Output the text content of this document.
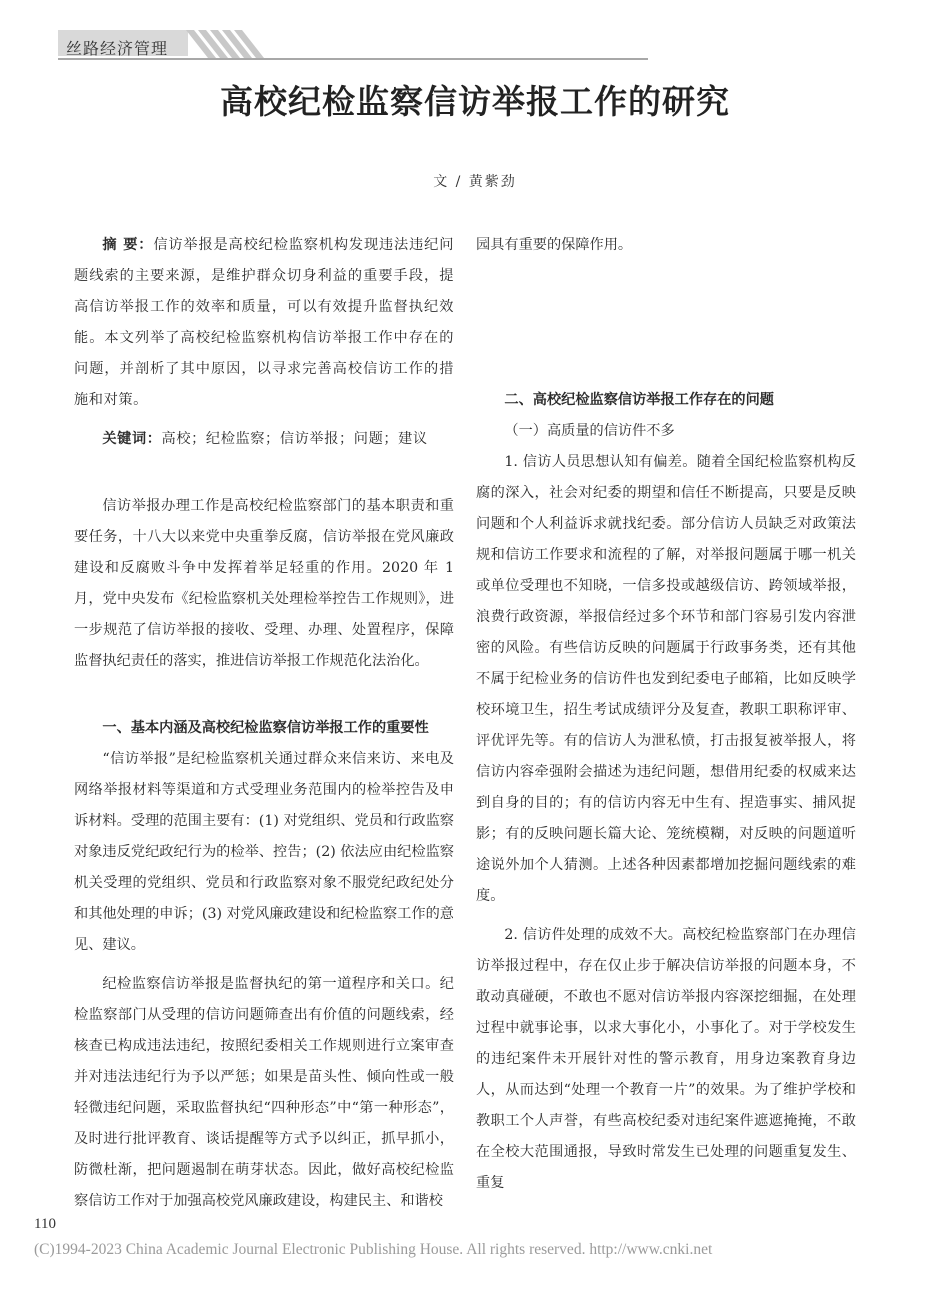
丝路经济管理
高校纪检监察信访举报工作的研究
文 / 黄紫劲

摘 要：信访举报是高校纪检监察机构发现违法违纪问题线索的主要来源，是维护群众切身利益的重要手段，提高信访举报工作的效率和质量，可以有效提升监督执纪效能。本文列举了高校纪检监察机构信访举报工作中存在的问题，并剖析了其中原因，以寻求完善高校信访工作的措施和对策。

关键词：高校；纪检监察；信访举报；问题；建议

信访举报办理工作是高校纪检监察部门的基本职责和重要任务，十八大以来党中央重拳反腐，信访举报在党风廉政建设和反腐败斗争中发挥着举足轻重的作用。2020 年 1 月，党中央发布《纪检监察机关处理检举控告工作规则》，进一步规范了信访举报的接收、受理、办理、处置程序，保障监督执纪责任的落实，推进信访举报工作规范化法治化。

一、基本内涵及高校纪检监察信访举报工作的重要性

“信访举报”是纪检监察机关通过群众来信来访、来电及网络举报材料等渠道和方式受理业务范围内的检举控告及申诉材料。受理的范围主要有：(1) 对党组织、党员和行政监察对象违反党纪政纪行为的检举、控告；(2) 依法应由纪检监察机关受理的党组织、党员和行政监察对象不服党纪政纪处分和其他处理的申诉；(3) 对党风廉政建设和纪检监察工作的意见、建议。

纪检监察信访举报是监督执纪的第一道程序和关口。纪检监察部门从受理的信访问题筛查出有价值的问题线索，经核查已构成违法违纪，按照纪委相关工作规则进行立案审查并对违法违纪行为予以严惩；如果是苗头性、倾向性或一般轻微违纪问题，采取监督执纪“四种形态”中“第一种形态”，及时进行批评教育、谈话提醒等方式予以纠正，抓早抓小，防微杜渐，把问题遏制在萌芽状态。因此，做好高校纪检监察信访工作对于加强高校党风廉政建设，构建民主、和谐校

园具有重要的保障作用。

二、高校纪检监察信访举报工作存在的问题

（一）高质量的信访件不多

1. 信访人员思想认知有偏差。随着全国纪检监察机构反腐的深入，社会对纪委的期望和信任不断提高，只要是反映问题和个人利益诉求就找纪委。部分信访人员缺乏对政策法规和信访工作要求和流程的了解，对举报问题属于哪一机关或单位受理也不知晓，一信多投或越级信访、跨领域举报，浪费行政资源，举报信经过多个环节和部门容易引发内容泄密的风险。有些信访反映的问题属于行政事务类，还有其他不属于纪检业务的信访件也发到纪委电子邮箱，比如反映学校环境卫生，招生考试成绩评分及复查，教职工职称评审、评优评先等。有的信访人为泄私愤，打击报复被举报人，将信访内容牵强附会描述为违纪问题，想借用纪委的权威来达到自身的目的；有的信访内容无中生有、捏造事实、捕风捉影；有的反映问题长篇大论、笼统模糊，对反映的问题道听途说外加个人猜测。上述各种因素都增加挖掘问题线索的难度。

2. 信访件处理的成效不大。高校纪检监察部门在办理信访举报过程中，存在仅止步于解决信访举报的问题本身，不敢动真碰硬，不敢也不愿对信访举报内容深挖细掘，在处理过程中就事论事，以求大事化小，小事化了。对于学校发生的违纪案件未开展针对性的警示教育，用身边案教育身边人，从而达到“处理一个教育一片”的效果。为了维护学校和教职工个人声誉，有些高校纪委对违纪案件遮遮掩掩，不敢在全校大范围通报，导致时常发生已处理的问题重复发生、重复

110
(C)1994-2023 China Academic Journal Electronic Publishing House. All rights reserved. http://www.cnki.net
